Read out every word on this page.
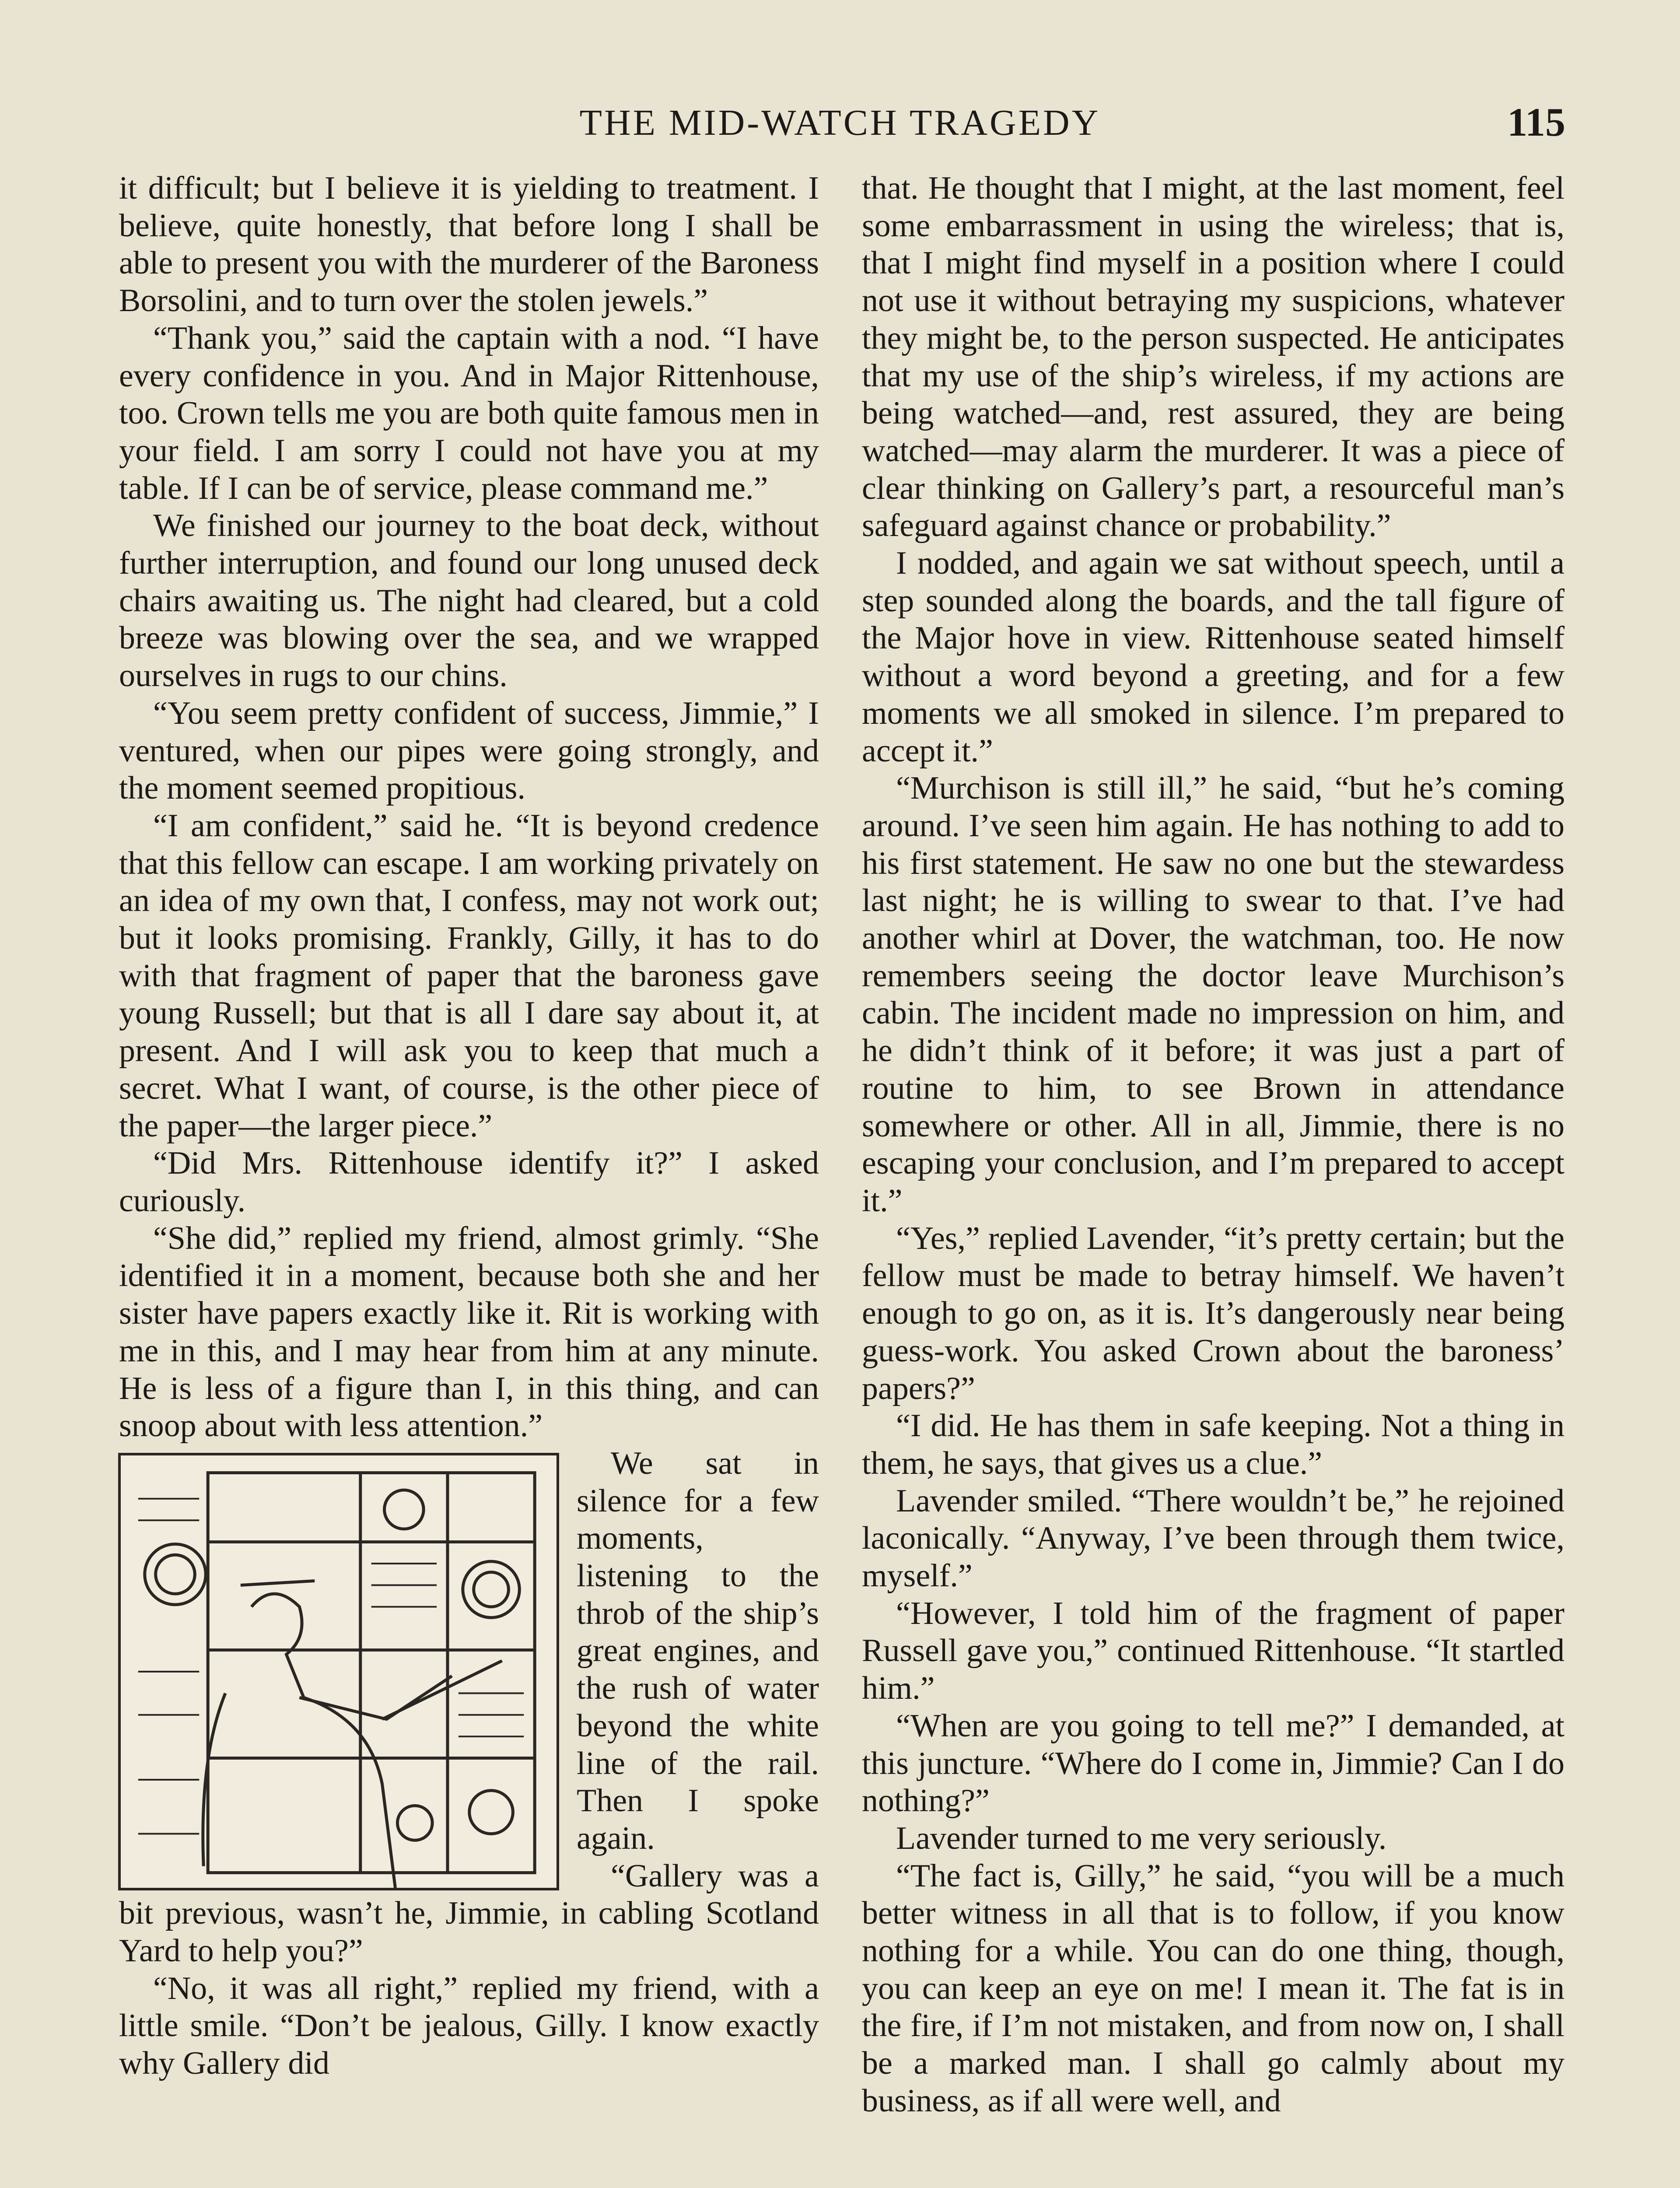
THE MID-WATCH TRAGEDY	115

it difficult; but I believe it is yielding to treatment. I believe, quite honestly, that before long I shall be able to present you with the murderer of the Baroness Borsolini, and to turn over the stolen jewels.”

“Thank you,” said the captain with a nod. “I have every confidence in you. And in Major Rittenhouse, too. Crown tells me you are both quite famous men in your field. I am sorry I could not have you at my table. If I can be of service, please command me.”

We finished our journey to the boat deck, without further interruption, and found our long unused deck chairs awaiting us. The night had cleared, but a cold breeze was blowing over the sea, and we wrapped ourselves in rugs to our chins.

“You seem pretty confident of success, Jimmie,” I ventured, when our pipes were going strongly, and the moment seemed propitious.

“I am confident,” said he. “It is beyond credence that this fellow can escape. I am working privately on an idea of my own that, I confess, may not work out; but it looks promising. Frankly, Gilly, it has to do with that fragment of paper that the baroness gave young Russell; but that is all I dare say about it, at present. And I will ask you to keep that much a secret. What I want, of course, is the other piece of the paper—the larger piece.”

“Did Mrs. Rittenhouse identify it?” I asked curiously.

“She did,” replied my friend, almost grimly. “She identified it in a moment, because both she and her sister have papers exactly like it. Rit is working with me in this, and I may hear from him at any minute. He is less of a figure than I, in this thing, and can snoop about with less attention.”

We sat in silence for a few moments, listening to the throb of the ship’s great engines, and the rush of water beyond the white line of the rail. Then I spoke again.

“Gallery was a bit previous, wasn’t he, Jimmie, in cabling Scotland Yard to help you?”

“No, it was all right,” replied my friend, with a little smile. “Don’t be jealous, Gilly. I know exactly why Gallery did

that. He thought that I might, at the last moment, feel some embarrassment in using the wireless; that is, that I might find myself in a position where I could not use it without betraying my suspicions, whatever they might be, to the person suspected. He anticipates that my use of the ship’s wireless, if my actions are being watched—and, rest assured, they are being watched—may alarm the murderer. It was a piece of clear thinking on Gallery’s part, a resourceful man’s safeguard against chance or probability.”

I nodded, and again we sat without speech, until a step sounded along the boards, and the tall figure of the Major hove in view. Rittenhouse seated himself without a word beyond a greeting, and for a few moments we all smoked in silence. I’m prepared to accept it.”

“Murchison is still ill,” he said, “but he’s coming around. I’ve seen him again. He has nothing to add to his first statement. He saw no one but the stewardess last night; he is willing to swear to that. I’ve had another whirl at Dover, the watchman, too. He now remembers seeing the doctor leave Murchison’s cabin. The incident made no impression on him, and he didn’t think of it before; it was just a part of routine to him, to see Brown in attendance somewhere or other. All in all, Jimmie, there is no escaping your conclusion, and I’m prepared to accept it.”

“Yes,” replied Lavender, “it’s pretty certain; but the fellow must be made to betray himself. We haven’t enough to go on, as it is. It’s dangerously near being guess-work. You asked Crown about the baroness’ papers?”

“I did. He has them in safe keeping. Not a thing in them, he says, that gives us a clue.”

Lavender smiled. “There wouldn’t be,” he rejoined laconically. “Anyway, I’ve been through them twice, myself.”

“However, I told him of the fragment of paper Russell gave you,” continued Rittenhouse. “It startled him.”

“When are you going to tell me?” I demanded, at this juncture. “Where do I come in, Jimmie? Can I do nothing?”

Lavender turned to me very seriously.

“The fact is, Gilly,” he said, “you will be a much better witness in all that is to follow, if you know nothing for a while. You can do one thing, though, you can keep an eye on me! I mean it. The fat is in the fire, if I’m not mistaken, and from now on, I shall be a marked man. I shall go calmly about my business, as if all were well, and
